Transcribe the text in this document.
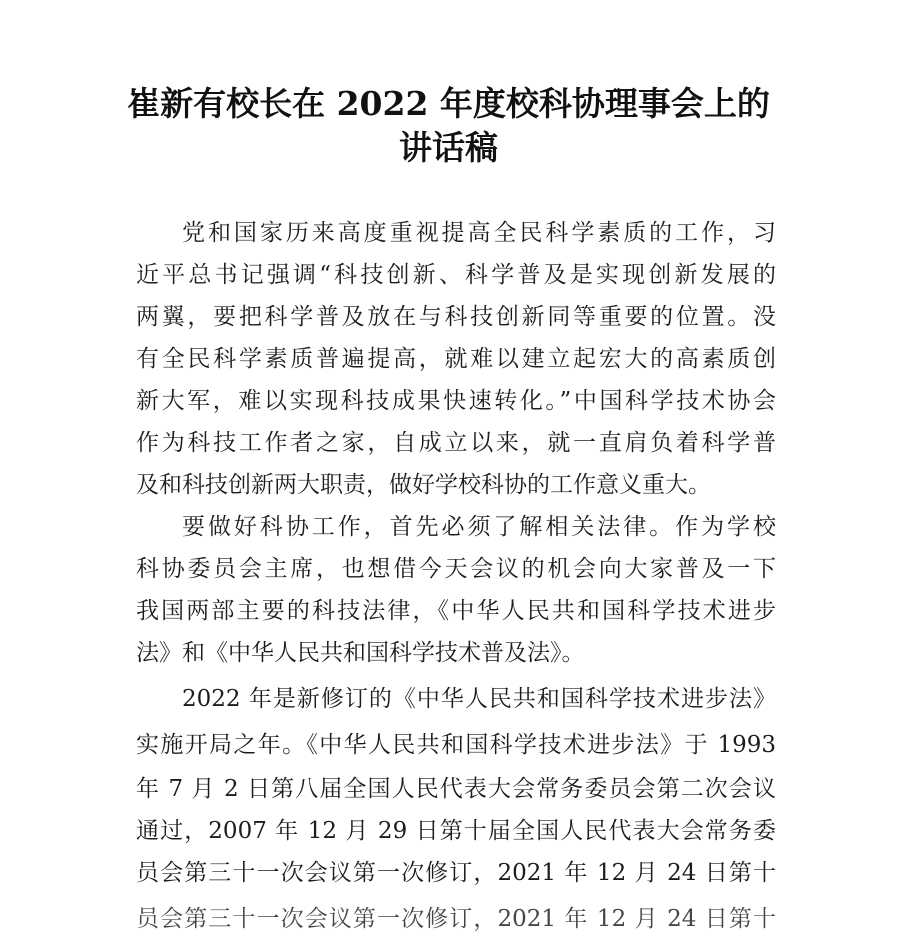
崔新有校长在 2022 年度校科协理事会上的
讲话稿
党和国家历来高度重视提高全民科学素质的工作，习
近平总书记强调“科技创新、科学普及是实现创新发展的
两翼，要把科学普及放在与科技创新同等重要的位置。没
有全民科学素质普遍提高，就难以建立起宏大的高素质创
新大军，难以实现科技成果快速转化。”中国科学技术协会
作为科技工作者之家，自成立以来，就一直肩负着科学普
及和科技创新两大职责，做好学校科协的工作意义重大。
要做好科协工作，首先必须了解相关法律。作为学校
科协委员会主席，也想借今天会议的机会向大家普及一下
我国两部主要的科技法律，《中华人民共和国科学技术进步
法》和《中华人民共和国科学技术普及法》。
2022 年是新修订的《中华人民共和国科学技术进步法》
实施开局之年。《中华人民共和国科学技术进步法》于 1993
年 7 月 2 日第八届全国人民代表大会常务委员会第二次会议
通过，2007 年 12 月 29 日第十届全国人民代表大会常务委
员会第三十一次会议第一次修订，2021 年 12 月 24 日第十
员会第三十一次会议第一次修订，2021 年 12 月 24 日第十
